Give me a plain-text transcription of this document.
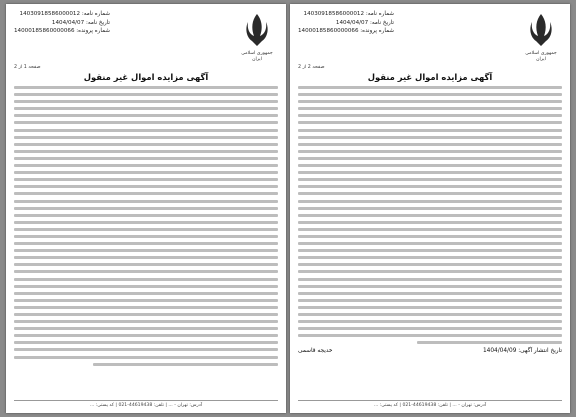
جمهوری اسلامی ایران
شماره نامه: 14030918586000012
تاریخ نامه: 1404/04/07
شماره پرونده: 14000185860000066
صفحه 2 از 2
آگهی مزایده اموال غیر منقول
تاریخ انتشار آگهی: 1404/04/09
خدیجه قاسمی
آدرس: تهران - ... | تلفن: 44619438-021 | کد پستی: ...
جمهوری اسلامی ایران
شماره نامه: 14030918586000012
تاریخ نامه: 1404/04/07
شماره پرونده: 14000185860000066
صفحه 1 از 2
آگهی مزایده اموال غیر منقول
آدرس: تهران - ... | تلفن: 44619438-021 | کد پستی: ...
